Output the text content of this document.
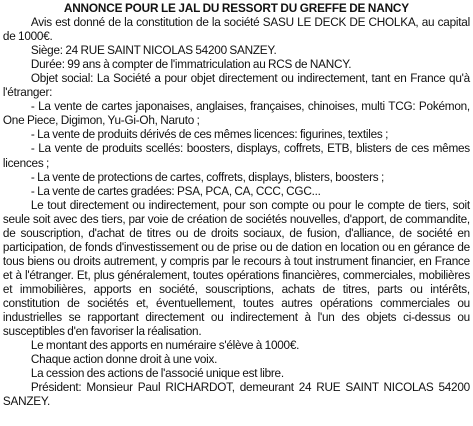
ANNONCE POUR LE JAL DU RESSORT DU GREFFE DE NANCY

Avis est donné de la constitution de la société SASU LE DECK DE CHOLKA, au capital de 1000€.

Siège: 24 RUE SAINT NICOLAS 54200 SANZEY.

Durée: 99 ans à compter de l'immatriculation au RCS de NANCY.

Objet social: La Société a pour objet directement ou indirectement, tant en France qu'à l'étranger:

- La vente de cartes japonaises, anglaises, françaises, chinoises, multi TCG: Pokémon, One Piece, Digimon, Yu-Gi-Oh, Naruto ;

- La vente de produits dérivés de ces mêmes licences: figurines, textiles ;

- La vente de produits scellés: boosters, displays, coffrets, ETB, blisters de ces mêmes licences ;

- La vente de protections de cartes, coffrets, displays, blisters, boosters ;

- La vente de cartes gradées: PSA, PCA, CA, CCC, CGC...

Le tout directement ou indirectement, pour son compte ou pour le compte de tiers, soit seule soit avec des tiers, par voie de création de sociétés nouvelles, d'apport, de commandite, de souscription, d'achat de titres ou de droits sociaux, de fusion, d'alliance, de société en participation, de fonds d'investissement ou de prise ou de dation en location ou en gérance de tous biens ou droits autrement, y compris par le recours à tout instrument financier, en France et à l'étranger. Et, plus généralement, toutes opérations financières, commerciales, mobilières et immobilières, apports en société, souscriptions, achats de titres, parts ou intérêts, constitution de sociétés et, éventuellement, toutes autres opérations commerciales ou industrielles se rapportant directement ou indirectement à l'un des objets ci-dessus ou susceptibles d'en favoriser la réalisation.

Le montant des apports en numéraire s'élève à 1000€.

Chaque action donne droit à une voix.

La cession des actions de l'associé unique est libre.

Président: Monsieur Paul RICHARDOT, demeurant 24 RUE SAINT NICOLAS 54200 SANZEY.
